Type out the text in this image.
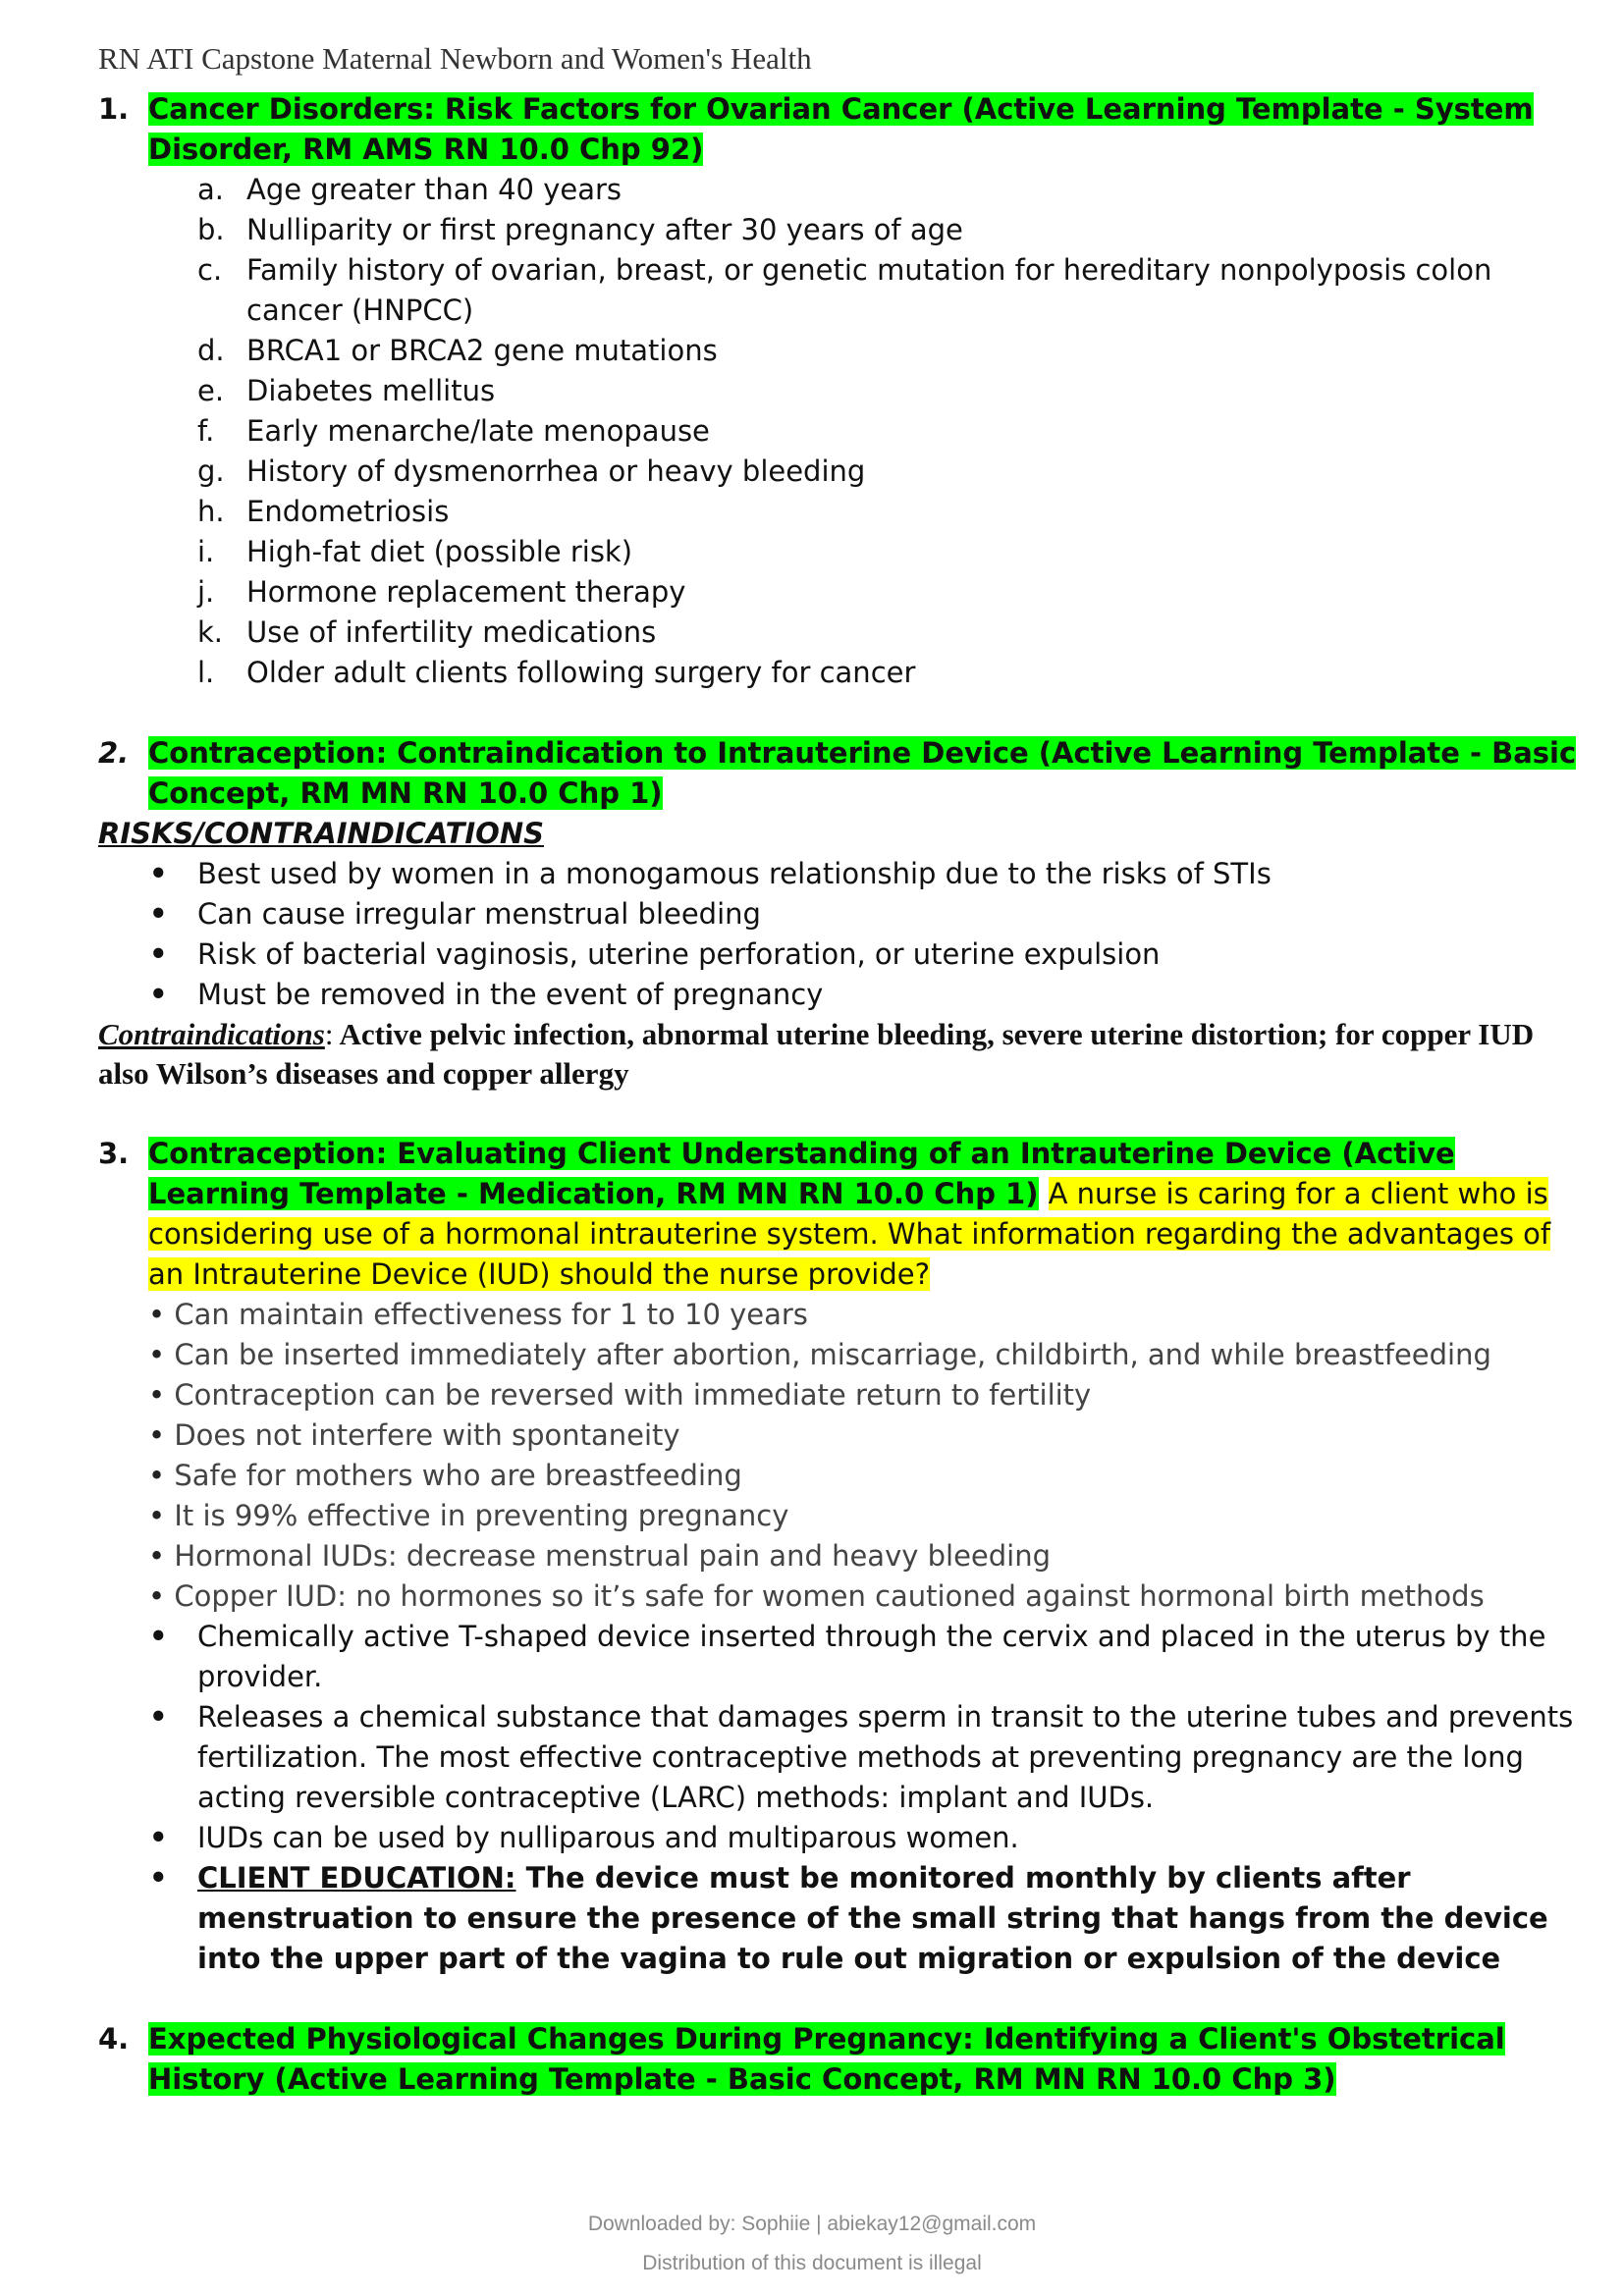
RN ATI Capstone Maternal Newborn and Women's Health
1. Cancer Disorders: Risk Factors for Ovarian Cancer (Active Learning Template - System Disorder, RM AMS RN 10.0 Chp 92)
a. Age greater than 40 years
b. Nulliparity or first pregnancy after 30 years of age
c. Family history of ovarian, breast, or genetic mutation for hereditary nonpolyposis colon cancer (HNPCC)
d. BRCA1 or BRCA2 gene mutations
e. Diabetes mellitus
f. Early menarche/late menopause
g. History of dysmenorrhea or heavy bleeding
h. Endometriosis
i. High-fat diet (possible risk)
j. Hormone replacement therapy
k. Use of infertility medications
l. Older adult clients following surgery for cancer
2. Contraception: Contraindication to Intrauterine Device (Active Learning Template - Basic Concept, RM MN RN 10.0 Chp 1)
RISKS/CONTRAINDICATIONS
• Best used by women in a monogamous relationship due to the risks of STIs
• Can cause irregular menstrual bleeding
• Risk of bacterial vaginosis, uterine perforation, or uterine expulsion
• Must be removed in the event of pregnancy
Contraindications: Active pelvic infection, abnormal uterine bleeding, severe uterine distortion; for copper IUD also Wilson’s diseases and copper allergy
3. Contraception: Evaluating Client Understanding of an Intrauterine Device (Active Learning Template - Medication, RM MN RN 10.0 Chp 1) A nurse is caring for a client who is considering use of a hormonal intrauterine system. What information regarding the advantages of an Intrauterine Device (IUD) should the nurse provide?
• Can maintain effectiveness for 1 to 10 years
• Can be inserted immediately after abortion, miscarriage, childbirth, and while breastfeeding
• Contraception can be reversed with immediate return to fertility
• Does not interfere with spontaneity
• Safe for mothers who are breastfeeding
• It is 99% effective in preventing pregnancy
• Hormonal IUDs: decrease menstrual pain and heavy bleeding
• Copper IUD: no hormones so it’s safe for women cautioned against hormonal birth methods
• Chemically active T-shaped device inserted through the cervix and placed in the uterus by the provider.
• Releases a chemical substance that damages sperm in transit to the uterine tubes and prevents fertilization. The most effective contraceptive methods at preventing pregnancy are the long acting reversible contraceptive (LARC) methods: implant and IUDs.
• IUDs can be used by nulliparous and multiparous women.
• CLIENT EDUCATION: The device must be monitored monthly by clients after menstruation to ensure the presence of the small string that hangs from the device into the upper part of the vagina to rule out migration or expulsion of the device
4. Expected Physiological Changes During Pregnancy: Identifying a Client's Obstetrical History (Active Learning Template - Basic Concept, RM MN RN 10.0 Chp 3)
Downloaded by: Sophiie | abiekay12@gmail.com
Distribution of this document is illegal
